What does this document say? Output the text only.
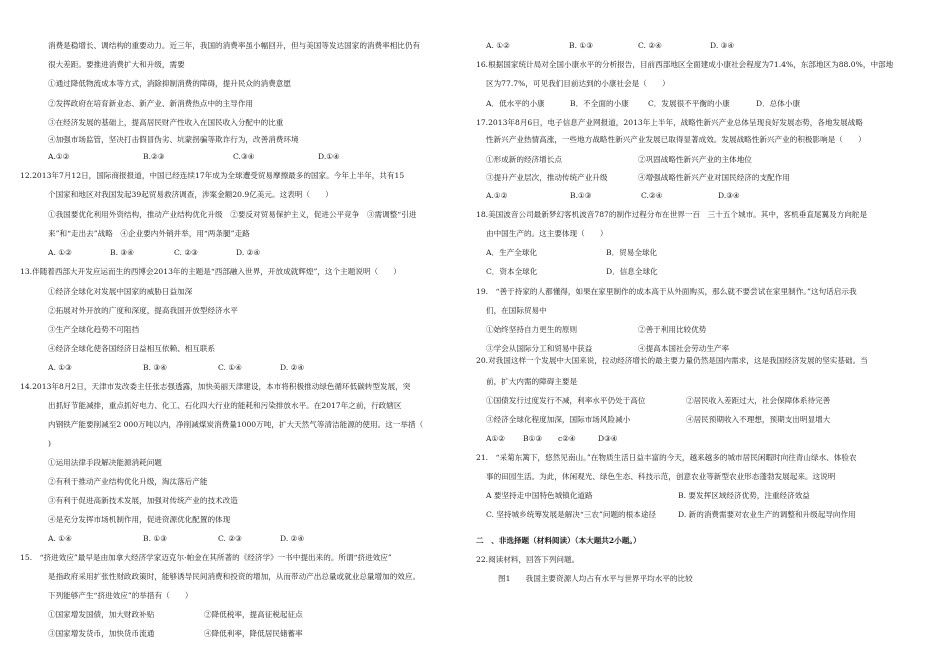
消费是稳增长、调结构的重要动力。近三年，我国的消费率虽小幅回升，但与美国等发达国家的消费率相比仍有
很大差距。要推进消费扩大和升级，需要
①通过降低物流成本等方式，消除抑制消费的障碍，提升民众的消费意愿
②发挥政府在培育新业态、新产业、新消费热点中的主导作用
③在经济发展的基础上，提高居民财产性收入在国民收入分配中的比重
④加强市场监管，坚决打击假冒伪劣、坑蒙拐骗等欺诈行为，改善消费环境
A.①②	B.②③	C.③④	D.①④
12.2013年7月12日，国际商报报道，中国已经连续17年成为全球遭受贸易摩擦最多的国家。今年上半年，共有15
个国家和地区对我国发起39起贸易救济调查，涉案金额20.9亿美元。这表明（　　）
①我国要优化利用外资结构，推动产业结构优化升级　②要反对贸易保护主义，促进公平竞争　③需调整“引进
来”和“走出去”战略　④企业要内外销并举，用“两条腿”走路
A. ①②	B. ③④	C. ②③	D. ②④
13.伴随着西部大开发应运而生的西博会2013年的主题是“西部融入世界，开放成就辉煌”，这个主题说明（　　）
①经济全球化对发展中国家的威胁日益加深
②拓展对外开放的广度和深度，提高我国开放型经济水平
③生产全球化趋势不可阻挡
④经济全球化使各国经济日益相互依赖、相互联系
A. ①③	B. ③④	C. ①④	D. ②④
14.2013年8月2日，天津市发改委主任张志强透露，加快美丽天津建设，本市将积极推动绿色循环低碳转型发展，突
出抓好节能减排，重点抓好电力、化工、石化四大行业的能耗和污染排放水平。在2017年之前，行政辖区
内钢铁产能要削减至2 000万吨以内，净削减煤炭消费量1000万吨，扩大天然气等清洁能源的使用。这一举措（
)
①运用法律手段解决能源消耗问题
②有利于推动产业结构优化升级，淘汰落后产能
③有利于促进高新技术发展，加强对传统产业的技术改造
④是充分发挥市场机制作用，促进资源优化配置的体现
A. ①④	B. ①③	C. ②③	D. ②④
15.　“挤进效应”最早是由加拿大经济学家迈克尔·帕金在其所著的《经济学》一书中提出来的。所谓“挤进效应”
是指政府采用扩张性财政政策时，能够诱导民间消费和投资的增加，从而带动产出总量或就业总量增加的效应。
下列能够产生“挤进效应”的举措有（　　）
①国家增发国债，加大财政补贴	②降低税率，提高征税起征点
③国家增发货币，加快货币流通	④降低利率，降低居民储蓄率
A. ①②	B. ①③	C. ②④	D. ③④
16.根据国家统计局对全国小康水平的分析报告，目前西部地区全面建成小康社会程度为71.4%，东部地区为88.0%，中部地
区为77.7%，可见我们目前达到的小康社会是（　　）
A．低水平的小康	B．不全面的小康	C．发展很不平衡的小康	D．总体小康
17.2013年8月6日，电子信息产业网报道，2013年上半年，战略性新兴产业总体呈现良好发展态势，各地发展战略
性新兴产业热情高涨，一些地方战略性新兴产业发展已取得显著成效。发展战略性新兴产业的积极影响是（　　）
①形成新的经济增长点	②巩固战略性新兴产业的主体地位
③提升产业层次，推动传统产业升级	④增强战略性新兴产业对国民经济的支配作用
A.①②	B.①③	C.②④	D.③④
18.美国波音公司最新梦幻客机波音787的制作过程分布在世界一百　三十五个城市。其中，客机垂直尾翼及方向舵是
由中国生产的。这主要体现（　　）
A．生产全球化	B．贸易全球化
C．资本全球化	D．信息全球化
19.　“善于持家的人都懂得，如果在家里制作的成本高于从外面购买，那么就不要尝试在家里制作。”这句话启示我
们，在国际贸易中
①始终坚持自力更生的原则	②善于利用比较优势
③学会从国际分工和贸易中获益	④提高本国社会劳动生产率
20.对我国这样一个发展中大国来说，拉动经济增长的最主要力量仍然是国内需求，这是我国经济发展的坚实基础。当
前，扩大内需的障碍主要是
①国债发行过度发行不减，利率水平仍处于高位	②居民收入差距过大，社会保障体系待完善
③经济全球化程度加深，国际市场风险减小	④居民预期收入不理想，预期支出明显增大
A①② B①③ c②④	D③④
21.　“采菊东篱下，悠然见南山。”在物质生活日益丰富的今天，越来越多的城市居民闲暇时向往青山绿水、体验农
事的田园生活。为此，休闲观光、绿色生态、科技示范，创意农业等新型农业形态蓬勃发展起来。这说明
A 要坚持走中国特色城镇化道路	B. 要发挥区域经济优势，注重经济效益
C. 坚持城乡统筹发展是解决“三农”问题的根本途径	D. 新的消费需要对农业生产的调整和升级起导向作用
二　、非选择题（材料阅读）（本大题共2小题。）
22.阅读材料，回答下列问题。
图1　　我国主要资源人均占有水平与世界平均水平的比较
